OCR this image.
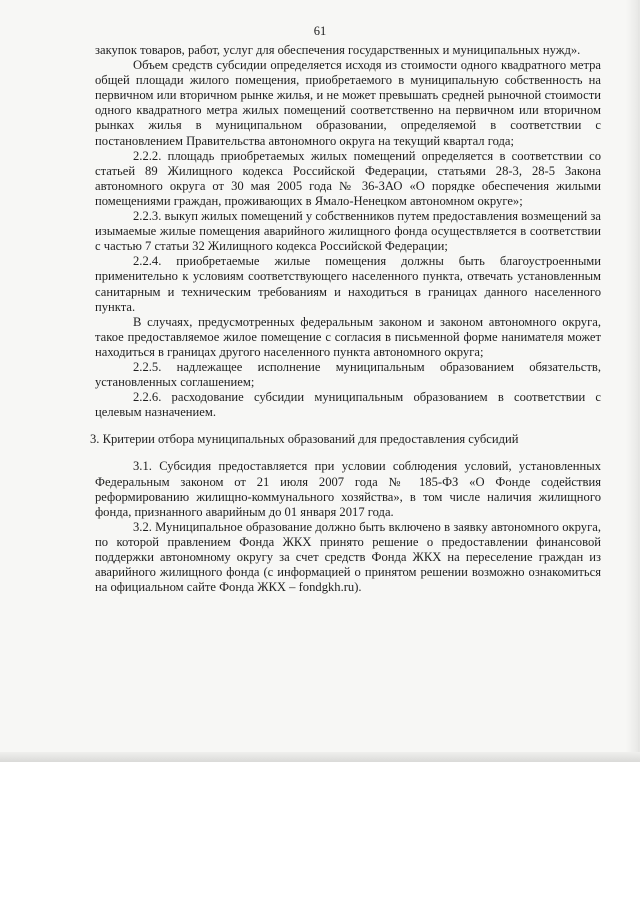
61

закупок товаров, работ, услуг для обеспечения государственных и муниципальных нужд».

Объем средств субсидии определяется исходя из стоимости одного квадратного метра общей площади жилого помещения, приобретаемого в муниципальную собственность на первичном или вторичном рынке жилья, и не может превышать средней рыночной стоимости одного квадратного метра жилых помещений соответственно на первичном или вторичном рынках жилья в муниципальном образовании, определяемой в соответствии с постановлением Правительства автономного округа на текущий квартал года;

2.2.2. площадь приобретаемых жилых помещений определяется в соответствии со статьей 89 Жилищного кодекса Российской Федерации, статьями 28-3, 28-5 Закона автономного округа от 30 мая 2005 года № 36-ЗАО «О порядке обеспечения жилыми помещениями граждан, проживающих в Ямало-Ненецком автономном округе»;

2.2.3. выкуп жилых помещений у собственников путем предоставления возмещений за изымаемые жилые помещения аварийного жилищного фонда осуществляется в соответствии с частью 7 статьи 32 Жилищного кодекса Российской Федерации;

2.2.4. приобретаемые жилые помещения должны быть благоустроенными применительно к условиям соответствующего населенного пункта, отвечать установленным санитарным и техническим требованиям и находиться в границах данного населенного пункта.

В случаях, предусмотренных федеральным законом и законом автономного округа, такое предоставляемое жилое помещение с согласия в письменной форме нанимателя может находиться в границах другого населенного пункта автономного округа;

2.2.5. надлежащее исполнение муниципальным образованием обязательств, установленных соглашением;

2.2.6. расходование субсидии муниципальным образованием в соответствии с целевым назначением.

3. Критерии отбора муниципальных образований для предоставления субсидий

3.1. Субсидия предоставляется при условии соблюдения условий, установленных Федеральным законом от 21 июля 2007 года № 185-ФЗ «О Фонде содействия реформированию жилищно-коммунального хозяйства», в том числе наличия жилищного фонда, признанного аварийным до 01 января 2017 года.

3.2. Муниципальное образование должно быть включено в заявку автономного округа, по которой правлением Фонда ЖКХ принято решение о предоставлении финансовой поддержки автономному округу за счет средств Фонда ЖКХ на переселение граждан из аварийного жилищного фонда (с информацией о принятом решении возможно ознакомиться на официальном сайте Фонда ЖКХ – fondgkh.ru).
